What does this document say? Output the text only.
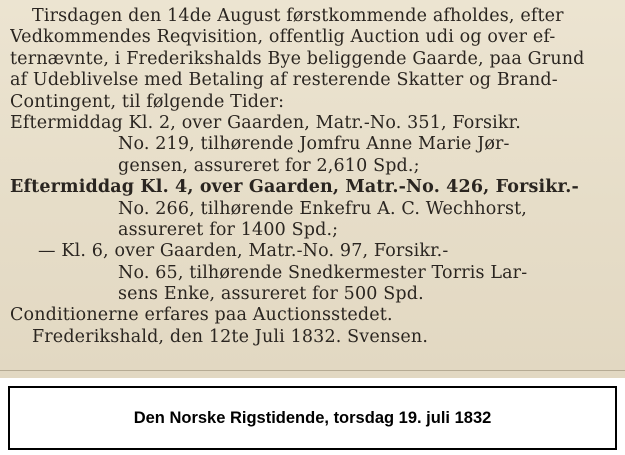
Tirsdagen den 14de August førstkommende afholdes, efter
Vedkommendes Reqvisition, offentlig Auction udi og over ef-
ternævnte, i Frederikshalds Bye beliggende Gaarde, paa Grund
af Udeblivelse med Betaling af resterende Skatter og Brand-
Contingent, til følgende Tider:
Eftermiddag Kl. 2, over Gaarden, Matr.-No. 351, Forsikr.
No. 219, tilhørende Jomfru Anne Marie Jør-
gensen, assureret for 2,610 Spd.;
Eftermiddag Kl. 4, over Gaarden, Matr.-No. 426, Forsikr.-
No. 266, tilhørende Enkefru A. C. Wechhorst,
assureret for 1400 Spd.;
— Kl. 6, over Gaarden, Matr.-No. 97, Forsikr.-
No. 65, tilhørende Snedkermester Torris Lar-
sens Enke, assureret for 500 Spd.
Conditionerne erfares paa Auctionsstedet.
Frederikshald, den 12te Juli 1832. Svensen.
Den Norske Rigstidende, torsdag 19. juli 1832
